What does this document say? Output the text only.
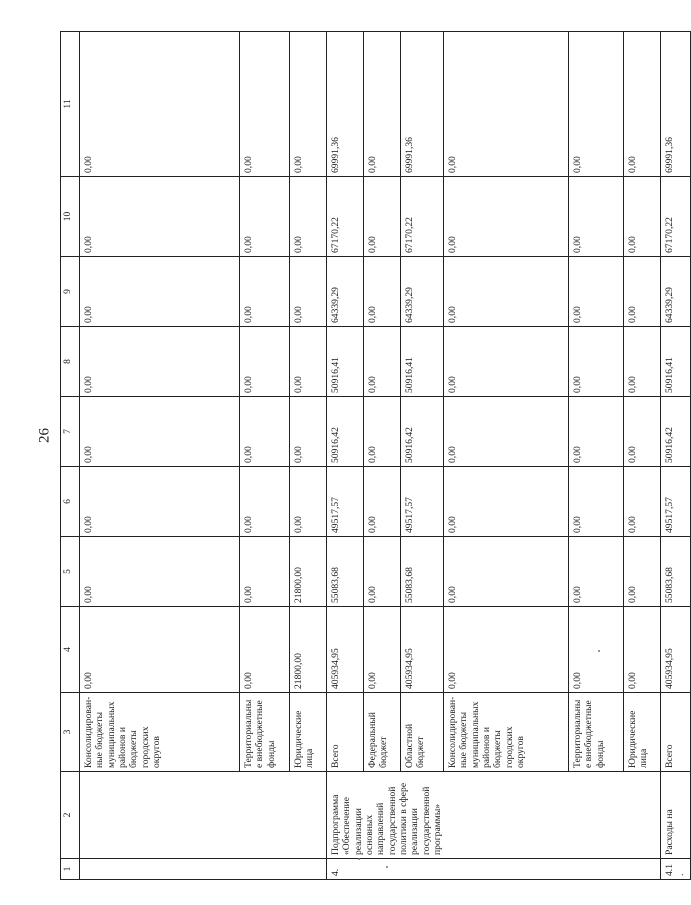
26
1	2	3	4	5	6	7	8	9	10	11
		Консолидирован-ные бюджеты муниципальных районов и бюджеты городских округов	0,00	0,00	0,00	0,00	0,00	0,00	0,00	0,00
		Территориальные внебюджетные фонды	0,00	0,00	0,00	0,00	0,00	0,00	0,00	0,00
		Юридические лица	21800,00	21800,00	0,00	0,00	0,00	0,00	0,00	0,00
4.	Подпрограмма «Обеспечение реализации основных направлений государственной политики в сфере реализации государственной программы»	Всего	405934,95	55083,68	49517,57	50916,42	50916,41	64339,29	67170,22	69991,36
		Федеральный бюджет	0,00	0,00	0,00	0,00	0,00	0,00	0,00	0,00
		Областной бюджет	405934,95	55083,68	49517,57	50916,42	50916,41	64339,29	67170,22	69991,36
		Консолидирован-ные бюджеты муниципальных районов и бюджеты городских округов	0,00	0,00	0,00	0,00	0,00	0,00	0,00	0,00
		Территориальные внебюджетные фонды	0,00	0,00	0,00	0,00	0,00	0,00	0,00	0,00
		Юридические лица	0,00	0,00	0,00	0,00	0,00	0,00	0,00	0,00
4.1.	Расходы на	Всего	405934,95	55083,68	49517,57	50916,42	50916,41	64339,29	67170,22	69991,36
